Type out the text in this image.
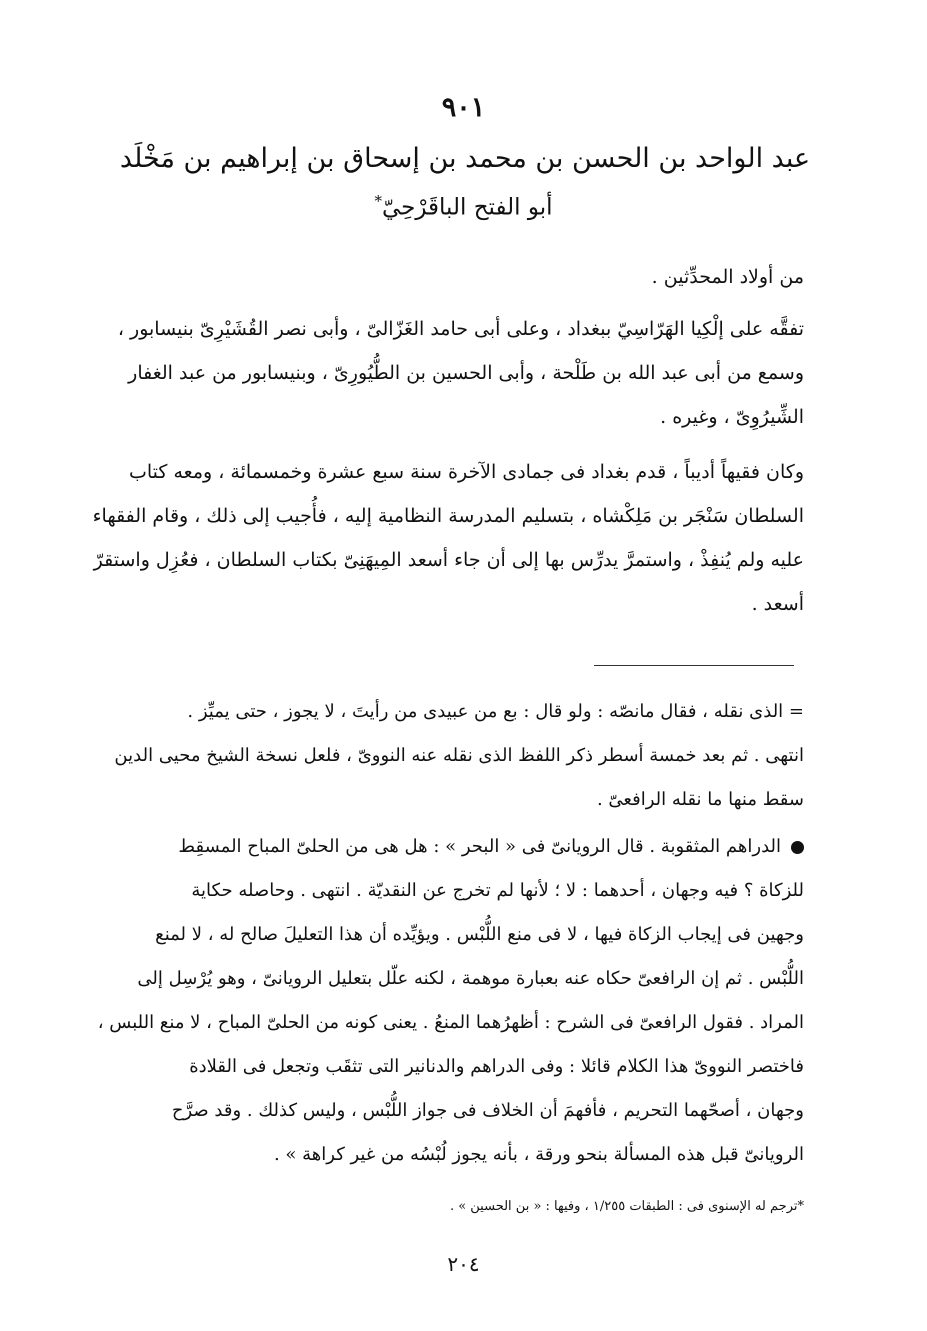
٩٠١
عبد الواحد بن الحسن بن محمد بن إسحاق بن إبراهيم بن مَخْلَد
أبو الفتح الباقَرْحِيّ*
من أولاد المحدِّثين .
تفقَّه على إلْكِيا الهَرّاسِيّ ببغداد ، وعلى أبى حامد الغَزّالىّ ، وأبى نصر القُشَيْرِىّ بنيسابور ،
وسمع من أبى عبد الله بن طَلْحة ، وأبى الحسين بن الطُّيُورِىّ ، وبنيسابور من عبد الغفار
الشِّيرُوِىّ ، وغيره .
وكان فقيهاً أديباً ، قدم بغداد فى جمادى الآخرة سنة سبع عشرة وخمسمائة ، ومعه كتاب
السلطان سَنْجَر بن مَلِكْشاه ، بتسليم المدرسة النظامية إليه ، فأُجيب إلى ذلك ، وقام الفقهاء
عليه ولم يُنفِذْ ، واستمرَّ يدرِّس بها إلى أن جاء أسعد المِيهَنِىّ بكتاب السلطان ، فعُزِل واستقرّ
أسعد .
= الذى نقله ، فقال مانصّه : ولو قال : بع من عبيدى من رأيتَ ، لا يجوز ، حتى يميِّز .
انتهى . ثم بعد خمسة أسطر ذكر اللفظ الذى نقله عنه النووىّ ، فلعل نسخة الشيخ محيى الدين
سقط منها ما نقله الرافعىّ .
الدراهم المثقوبة . قال الرويانىّ فى « البحر » : هل هى من الحلىّ المباح المسقِط
للزكاة ؟ فيه وجهان ، أحدهما : لا ؛ لأنها لم تخرج عن النقديّة . انتهى . وحاصله حكاية
وجهين فى إيجاب الزكاة فيها ، لا فى منع اللُّبْس . ويؤيِّده أن هذا التعليلَ صالح له ، لا لمنع
اللُّبْس . ثم إن الرافعىّ حكاه عنه بعبارة موهمة ، لكنه علّل بتعليل الرويانىّ ، وهو يُرْسِل إلى
المراد . فقول الرافعىّ فى الشرح : أظهرُهما المنعُ . يعنى كونه من الحلىّ المباح ، لا منع اللبس ،
فاختصر النووىّ هذا الكلام قائلا : وفى الدراهم والدنانير التى تثقَب وتجعل فى القلادة
وجهان ، أصحّهما التحريم ، فأفهمَ أن الخلاف فى جواز اللُّبْس ، وليس كذلك . وقد صرَّح
الرويانىّ قبل هذه المسألة بنحو ورقة ، بأنه يجوز لُبْسُه من غير كراهة » .
*ترجم له الإسنوى فى : الطبقات ١/٢٥٥ ، وفيها : « بن الحسين » .
٢٠٤
